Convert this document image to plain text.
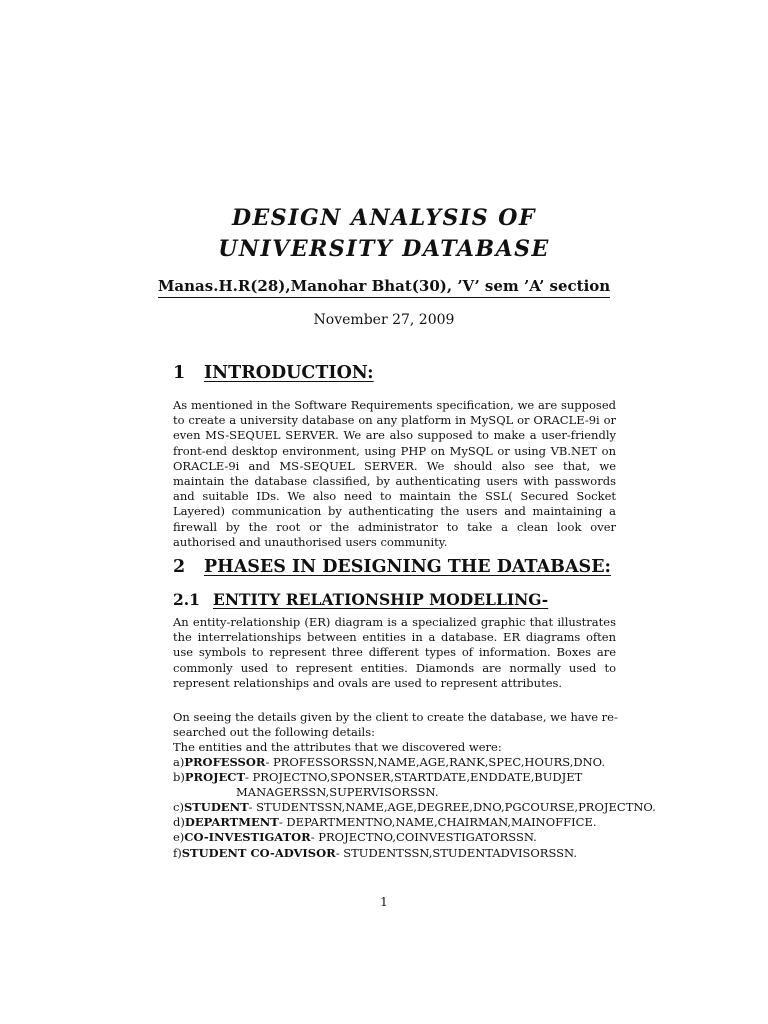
DESIGN ANALYSIS OF
UNIVERSITY DATABASE
Manas.H.R(28),Manohar Bhat(30), ’V’ sem ’A’ section
November 27, 2009
1 INTRODUCTION:
As mentioned in the Software Requirements specification, we are supposed to create a university database on any platform in MySQL or ORACLE-9i or even MS-SEQUEL SERVER. We are also supposed to make a user-friendly front-end desktop environment, using PHP on MySQL or using VB.NET on ORACLE-9i and MS-SEQUEL SERVER. We should also see that, we maintain the database classified, by authenticating users with passwords and suitable IDs. We also need to maintain the SSL( Secured Socket Layered) communication by authenticating the users and maintaining a firewall by the root or the administrator to take a clean look over authorised and unauthorised users community.
2 PHASES IN DESIGNING THE DATABASE:
2.1 ENTITY RELATIONSHIP MODELLING-
An entity-relationship (ER) diagram is a specialized graphic that illustrates the interrelationships between entities in a database. ER diagrams often use symbols to represent three different types of information. Boxes are commonly used to represent entities. Diamonds are normally used to represent relationships and ovals are used to represent attributes.
On seeing the details given by the client to create the database, we have re-
searched out the following details:
The entities and the attributes that we discovered were:
a)PROFESSOR- PROFESSORSSN,NAME,AGE,RANK,SPEC,HOURS,DNO.
b)PROJECT- PROJECTNO,SPONSER,STARTDATE,ENDDATE,BUDJET
MANAGERSSN,SUPERVISORSSN.
c)STUDENT- STUDENTSSN,NAME,AGE,DEGREE,DNO,PGCOURSE,PROJECTNO.
d)DEPARTMENT- DEPARTMENTNO,NAME,CHAIRMAN,MAINOFFICE.
e)CO-INVESTIGATOR- PROJECTNO,COINVESTIGATORSSN.
f)STUDENT CO-ADVISOR- STUDENTSSN,STUDENTADVISORSSN.
1
